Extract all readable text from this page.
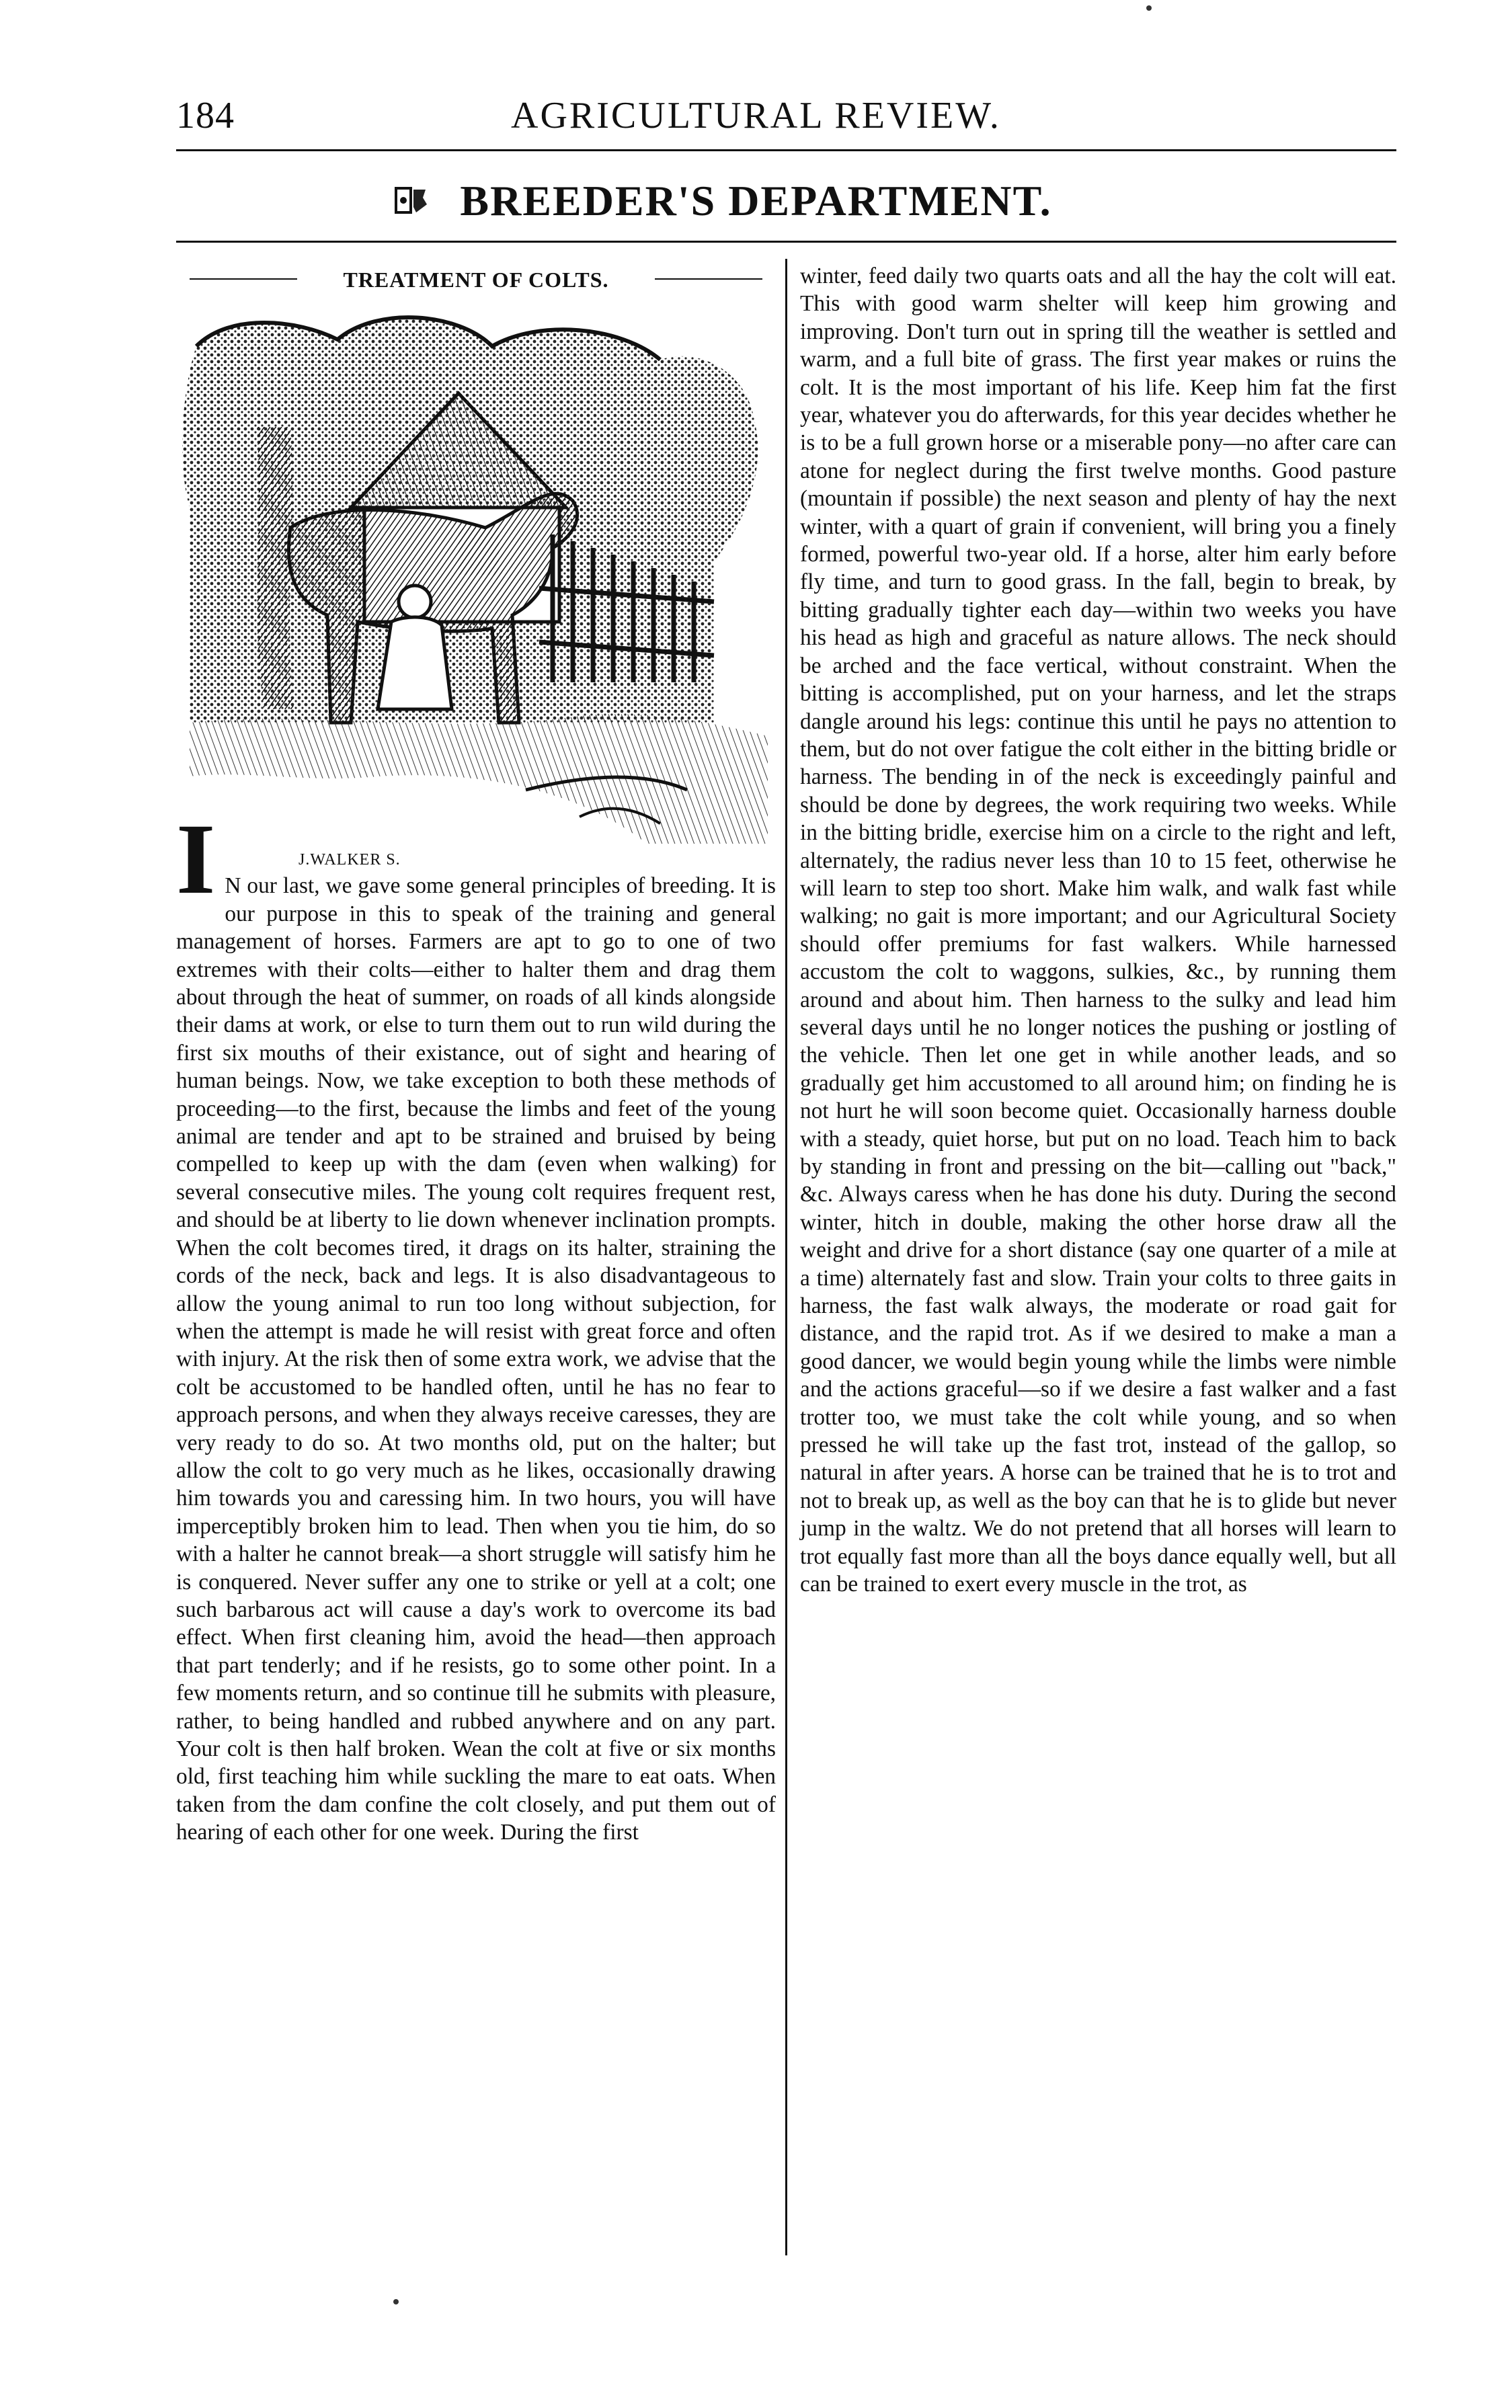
184	AGRICULTURAL REVIEW.
BREEDER'S DEPARTMENT.
TREATMENT OF COLTS.
J.WALKER S.

I N our last, we gave some general principles of breeding. It is our purpose in this to speak of the training and general management of horses. Farmers are apt to go to one of two extremes with their colts—either to halter them and drag them about through the heat of summer, on roads of all kinds alongside their dams at work, or else to turn them out to run wild during the first six mouths of their existance, out of sight and hearing of human beings. Now, we take exception to both these methods of proceeding—to the first, because the limbs and feet of the young animal are tender and apt to be strained and bruised by being compelled to keep up with the dam (even when walking) for several consecutive miles. The young colt requires frequent rest, and should be at liberty to lie down whenever inclination prompts. When the colt becomes tired, it drags on its halter, straining the cords of the neck, back and legs. It is also disadvantageous to allow the young animal to run too long without subjection, for when the attempt is made he will resist with great force and often with injury. At the risk then of some extra work, we advise that the colt be accustomed to be handled often, until he has no fear to approach persons, and when they always receive caresses, they are very ready to do so. At two months old, put on the halter; but allow the colt to go very much as he likes, occasionally drawing him towards you and caressing him. In two hours, you will have imperceptibly broken him to lead. Then when you tie him, do so with a halter he cannot break—a short struggle will satisfy him he is conquered. Never suffer any one to strike or yell at a colt; one such barbarous act will cause a day's work to overcome its bad effect. When first cleaning him, avoid the head—then approach that part tenderly; and if he resists, go to some other point. In a few moments return, and so continue till he submits with pleasure, rather, to being handled and rubbed anywhere and on any part. Your colt is then half broken. Wean the colt at five or six months old, first teaching him while suckling the mare to eat oats. When taken from the dam confine the colt closely, and put them out of hearing of each other for one week. During the first

winter, feed daily two quarts oats and all the hay the colt will eat. This with good warm shelter will keep him growing and improving. Don't turn out in spring till the weather is settled and warm, and a full bite of grass. The first year makes or ruins the colt. It is the most important of his life. Keep him fat the first year, whatever you do afterwards, for this year decides whether he is to be a full grown horse or a miserable pony—no after care can atone for neglect during the first twelve months. Good pasture (mountain if possible) the next season and plenty of hay the next winter, with a quart of grain if convenient, will bring you a finely formed, powerful two-year old. If a horse, alter him early before fly time, and turn to good grass. In the fall, begin to break, by bitting gradually tighter each day—within two weeks you have his head as high and graceful as nature allows. The neck should be arched and the face vertical, without constraint. When the bitting is accomplished, put on your harness, and let the straps dangle around his legs: continue this until he pays no attention to them, but do not over fatigue the colt either in the bitting bridle or harness. The bending in of the neck is exceedingly painful and should be done by degrees, the work requiring two weeks. While in the bitting bridle, exercise him on a circle to the right and left, alternately, the radius never less than 10 to 15 feet, otherwise he will learn to step too short. Make him walk, and walk fast while walking; no gait is more important; and our Agricultural Society should offer premiums for fast walkers. While harnessed accustom the colt to waggons, sulkies, &c., by running them around and about him. Then harness to the sulky and lead him several days until he no longer notices the pushing or jostling of the vehicle. Then let one get in while another leads, and so gradually get him accustomed to all around him; on finding he is not hurt he will soon become quiet. Occasionally harness double with a steady, quiet horse, but put on no load. Teach him to back by standing in front and pressing on the bit—calling out "back," &c. Always caress when he has done his duty. During the second winter, hitch in double, making the other horse draw all the weight and drive for a short distance (say one quarter of a mile at a time) alternately fast and slow. Train your colts to three gaits in harness, the fast walk always, the moderate or road gait for distance, and the rapid trot. As if we desired to make a man a good dancer, we would begin young while the limbs were nimble and the actions graceful—so if we desire a fast walker and a fast trotter too, we must take the colt while young, and so when pressed he will take up the fast trot, instead of the gallop, so natural in after years. A horse can be trained that he is to trot and not to break up, as well as the boy can that he is to glide but never jump in the waltz. We do not pretend that all horses will learn to trot equally fast more than all the boys dance equally well, but all can be trained to exert every muscle in the trot, as
